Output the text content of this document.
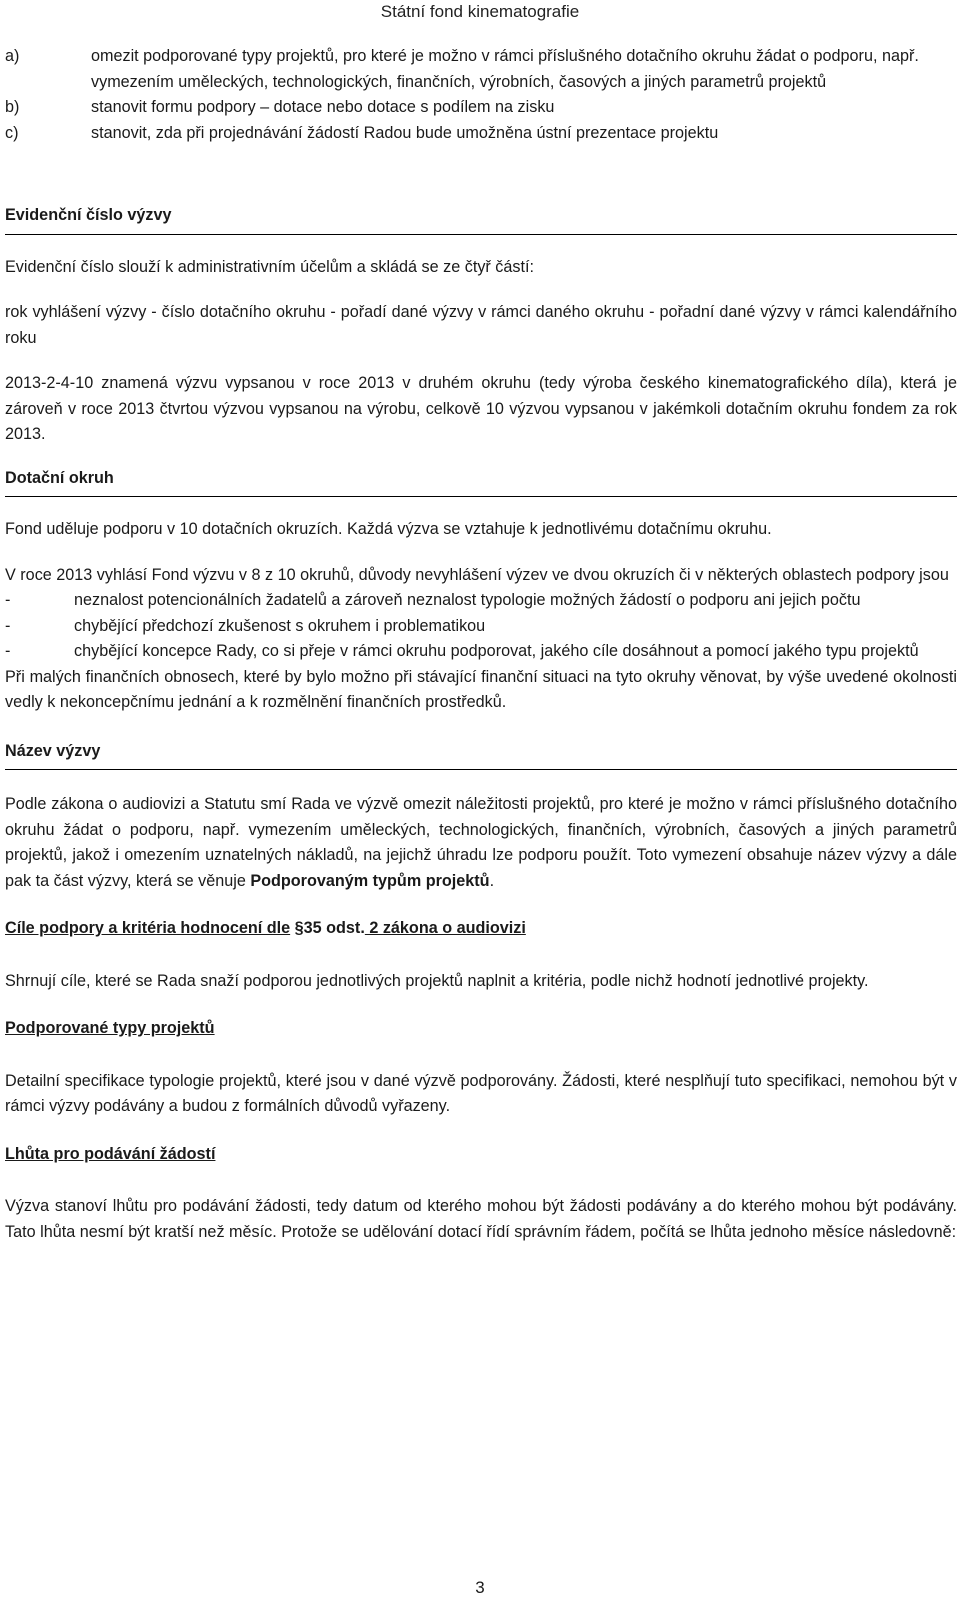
Státní fond kinematografie
a)	omezit podporované typy projektů, pro které je možno v rámci příslušného dotačního okruhu žádat o podporu, např. vymezením uměleckých, technologických, finančních, výrobních, časových a jiných parametrů projektů
b)	stanovit formu podpory – dotace nebo dotace s podílem na zisku
c)	stanovit, zda při projednávání žádostí Radou bude umožněna ústní prezentace projektu
Evidenční číslo výzvy

Evidenční číslo slouží k administrativním účelům a skládá se ze čtyř částí:

rok vyhlášení výzvy - číslo dotačního okruhu - pořadí dané výzvy v rámci daného okruhu - pořadní dané výzvy v rámci kalendářního roku

2013-2-4-10 znamená výzvu vypsanou v roce 2013 v druhém okruhu (tedy výroba českého kinematografického díla), která je zároveň v roce 2013 čtvrtou výzvou vypsanou na výrobu, celkově 10 výzvou vypsanou v jakémkoli dotačním okruhu fondem za rok 2013.

Dotační okruh

Fond uděluje podporu v 10 dotačních okruzích. Každá výzva se vztahuje k jednotlivému dotačnímu okruhu.

V roce 2013 vyhlásí Fond výzvu v 8 z 10 okruhů, důvody nevyhlášení výzev ve dvou okruzích či v některých oblastech podpory jsou

-	neznalost potencionálních žadatelů a zároveň neznalost typologie možných žádostí o podporu ani jejich počtu
-	chybějící předchozí zkušenost s okruhem i problematikou
-	chybějící koncepce Rady, co si přeje v rámci okruhu podporovat, jakého cíle dosáhnout a pomocí jakého typu projektů

Při malých finančních obnosech, které by bylo možno při stávající finanční situaci na tyto okruhy věnovat, by výše uvedené okolnosti vedly k nekoncepčnímu jednání a k rozmělnění finančních prostředků.

Název výzvy

Podle zákona o audiovizi a Statutu smí Rada ve výzvě omezit náležitosti projektů, pro které je možno v rámci příslušného dotačního okruhu žádat o podporu, např. vymezením uměleckých, technologických, finančních, výrobních, časových a jiných parametrů projektů, jakož i omezením uznatelných nákladů, na jejichž úhradu lze podporu použít. Toto vymezení obsahuje název výzvy a dále pak ta část výzvy, která se věnuje Podporovaným typům projektů.

Cíle podpory a kritéria hodnocení dle §35 odst. 2 zákona o audiovizi

Shrnují cíle, které se Rada snaží podporou jednotlivých projektů naplnit a kritéria, podle nichž hodnotí jednotlivé projekty.

Podporované typy projektů

Detailní specifikace typologie projektů, které jsou v dané výzvě podporovány. Žádosti, které nesplňují tuto specifikaci, nemohou být v rámci výzvy podávány a budou z formálních důvodů vyřazeny.

Lhůta pro podávání žádostí

Výzva stanoví lhůtu pro podávání žádosti, tedy datum od kterého mohou být žádosti podávány a do kterého mohou být podávány. Tato lhůta nesmí být kratší než měsíc. Protože se udělování dotací řídí správním řádem, počítá se lhůta jednoho měsíce následovně:

3
